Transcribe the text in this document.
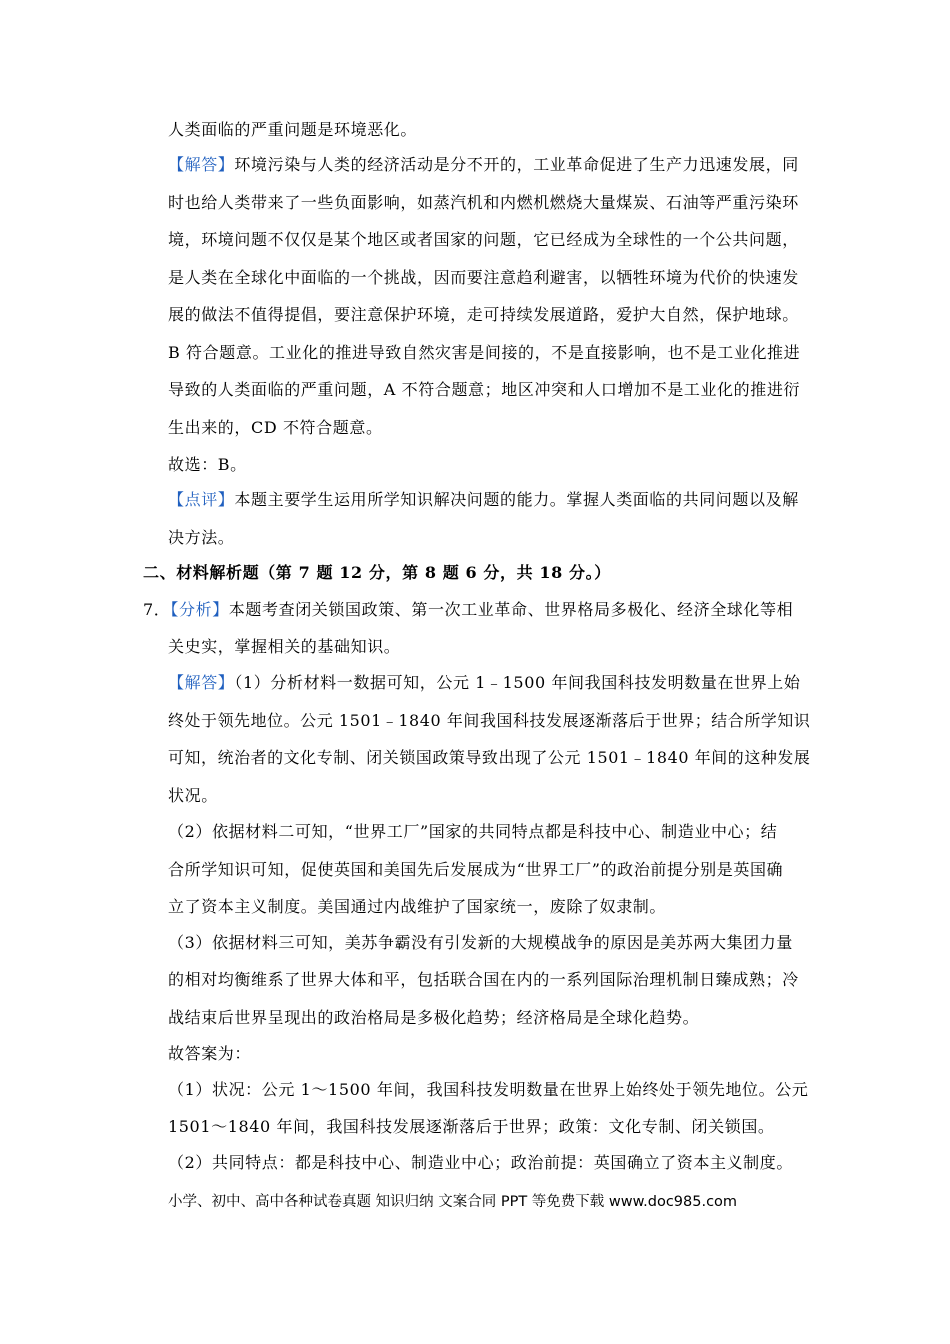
人类面临的严重问题是环境恶化。
【解答】环境污染与人类的经济活动是分不开的，工业革命促进了生产力迅速发展，同
时也给人类带来了一些负面影响，如蒸汽机和内燃机燃烧大量煤炭、石油等严重污染环
境，环境问题不仅仅是某个地区或者国家的问题，它已经成为全球性的一个公共问题，
是人类在全球化中面临的一个挑战，因而要注意趋利避害，以牺牲环境为代价的快速发
展的做法不值得提倡，要注意保护环境，走可持续发展道路，爱护大自然，保护地球。
B 符合题意。工业化的推进导致自然灾害是间接的，不是直接影响，也不是工业化推进
导致的人类面临的严重问题，A 不符合题意；地区冲突和人口增加不是工业化的推进衍
生出来的，CD 不符合题意。
故选：B。
【点评】本题主要学生运用所学知识解决问题的能力。掌握人类面临的共同问题以及解
决方法。
二、材料解析题（第 7 题 12 分，第 8 题 6 分，共 18 分。）
7．【分析】本题考查闭关锁国政策、第一次工业革命、世界格局多极化、经济全球化等相
关史实，掌握相关的基础知识。
【解答】（1）分析材料一数据可知，公元 1﹣1500 年间我国科技发明数量在世界上始
终处于领先地位。公元 1501﹣1840 年间我国科技发展逐渐落后于世界；结合所学知识
可知，统治者的文化专制、闭关锁国政策导致出现了公元 1501﹣1840 年间的这种发展
状况。
（2）依据材料二可知，“世界工厂”国家的共同特点都是科技中心、制造业中心；结
合所学知识可知，促使英国和美国先后发展成为“世界工厂”的政治前提分别是英国确
立了资本主义制度。美国通过内战维护了国家统一，废除了奴隶制。
（3）依据材料三可知，美苏争霸没有引发新的大规模战争的原因是美苏两大集团力量
的相对均衡维系了世界大体和平，包括联合国在内的一系列国际治理机制日臻成熟；冷
战结束后世界呈现出的政治格局是多极化趋势；经济格局是全球化趋势。
故答案为：
（1）状况：公元 1～1500 年间，我国科技发明数量在世界上始终处于领先地位。公元
1501～1840 年间，我国科技发展逐渐落后于世界；政策：文化专制、闭关锁国。
（2）共同特点：都是科技中心、制造业中心；政治前提：英国确立了资本主义制度。
小学、初中、高中各种试卷真题 知识归纳 文案合同 PPT 等免费下载 www.doc985.com
